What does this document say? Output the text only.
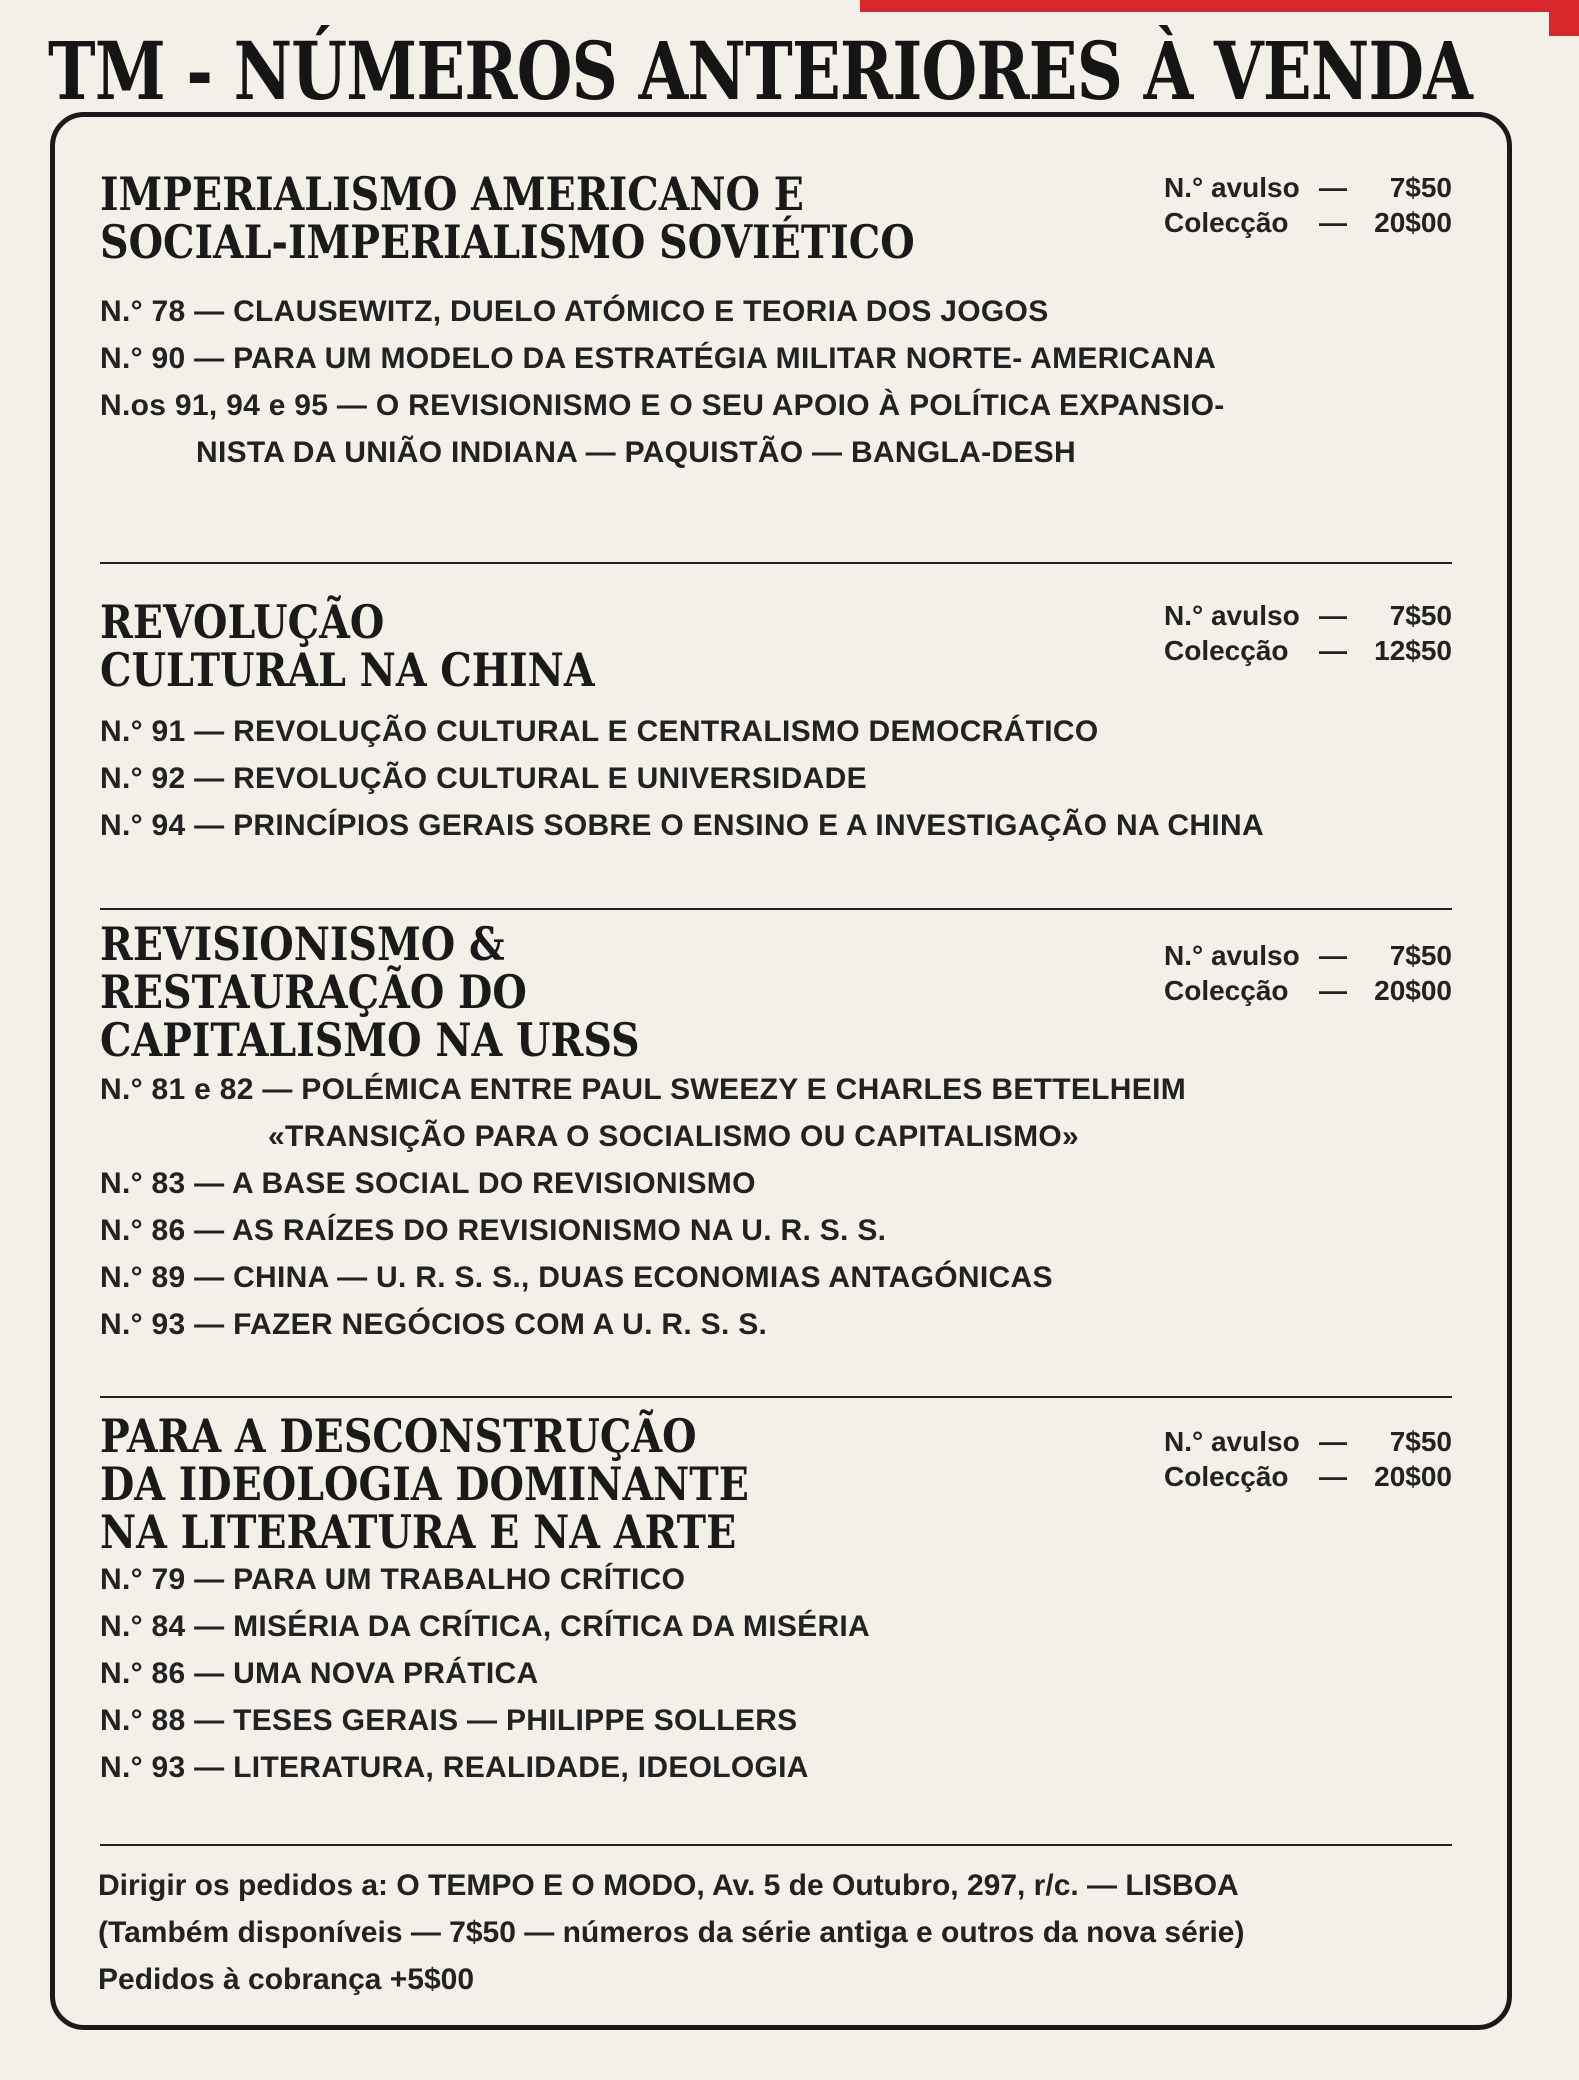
TM - NÚMEROS ANTERIORES À VENDA
IMPERIALISMO AMERICANO E
SOCIAL-IMPERIALISMO SOVIÉTICO
N.° avulso —	7$50
Colecção	— 20$00
N.° 78 — CLAUSEWITZ, DUELO ATÓMICO E TEORIA DOS JOGOS
N.° 90 — PARA UM MODELO DA ESTRATÉGIA MILITAR NORTE- AMERICANA
N.os 91, 94 e 95 — O REVISIONISMO E O SEU APOIO À POLÍTICA EXPANSIO-
NISTA DA UNIÃO INDIANA — PAQUISTÃO — BANGLA-DESH
REVOLUÇÃO
CULTURAL NA CHINA
N.° avulso —	7$50
Colecção	— 12$50
N.° 91 — REVOLUÇÃO CULTURAL E CENTRALISMO DEMOCRÁTICO
N.° 92 — REVOLUÇÃO CULTURAL E UNIVERSIDADE
N.° 94 — PRINCÍPIOS GERAIS SOBRE O ENSINO E A INVESTIGAÇÃO NA CHINA
REVISIONISMO &
RESTAURAÇÃO DO
CAPITALISMO NA URSS
N.° avulso —	7$50
Colecção	— 20$00
N.° 81 e 82 — POLÉMICA ENTRE PAUL SWEEZY E CHARLES BETTELHEIM
«TRANSIÇÃO PARA O SOCIALISMO OU CAPITALISMO»
N.° 83 — A BASE SOCIAL DO REVISIONISMO
N.° 86 — AS RAÍZES DO REVISIONISMO NA U. R. S. S.
N.° 89 — CHINA — U. R. S. S., DUAS ECONOMIAS ANTAGÓNICAS
N.° 93 — FAZER NEGÓCIOS COM A U. R. S. S.
PARA A DESCONSTRUÇÃO
DA IDEOLOGIA DOMINANTE
NA LITERATURA E NA ARTE
N.° avulso —	7$50
Colecção	— 20$00
N.° 79 — PARA UM TRABALHO CRÍTICO
N.° 84 — MISÉRIA DA CRÍTICA, CRÍTICA DA MISÉRIA
N.° 86 — UMA NOVA PRÁTICA
N.° 88 — TESES GERAIS — PHILIPPE SOLLERS
N.° 93 — LITERATURA, REALIDADE, IDEOLOGIA
Dirigir os pedidos a: O TEMPO E O MODO, Av. 5 de Outubro, 297, r/c. — LISBOA
(Também disponíveis — 7$50 — números da série antiga e outros da nova série)
Pedidos à cobrança +5$00
